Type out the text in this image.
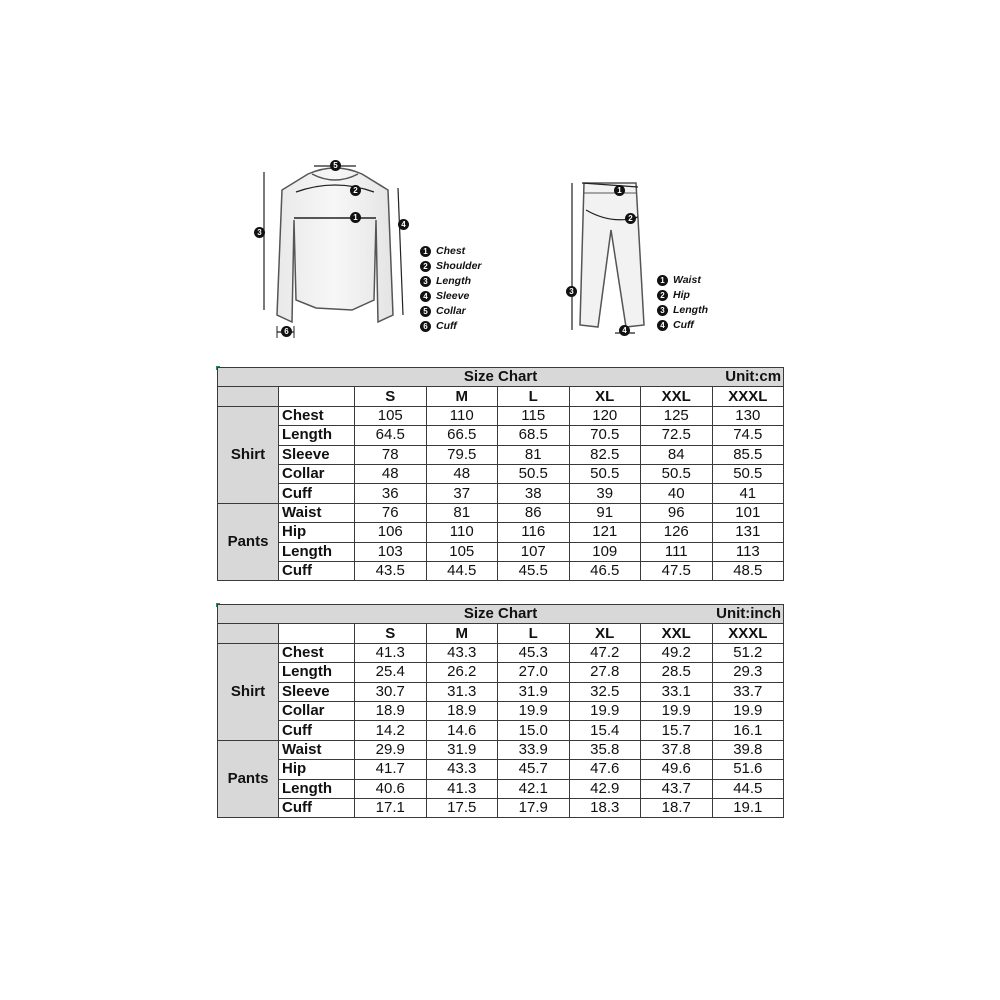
1
2
3
4
5
6
1 Chest
2 Shoulder
3 Length
4 Sleeve
5 Collar
6 Cuff
1
2
3
4
1 Waist
2 Hip
3 Length
4 Cuff
Size Chart Unit:cm							

		S	M	L	XL	XXL	XXXL
Shirt	Chest	105	110	115	120	125	130
	Length	64.5	66.5	68.5	70.5	72.5	74.5
	Sleeve	78	79.5	81	82.5	84	85.5
	Collar	48	48	50.5	50.5	50.5	50.5
	Cuff	36	37	38	39	40	41
Pants	Waist	76	81	86	91	96	101
	Hip	106	110	116	121	126	131
	Length	103	105	107	109	111	113
	Cuff	43.5	44.5	45.5	46.5	47.5	48.5
Size Chart Unit:inch							

		S	M	L	XL	XXL	XXXL
Shirt	Chest	41.3	43.3	45.3	47.2	49.2	51.2
	Length	25.4	26.2	27.0	27.8	28.5	29.3
	Sleeve	30.7	31.3	31.9	32.5	33.1	33.7
	Collar	18.9	18.9	19.9	19.9	19.9	19.9
	Cuff	14.2	14.6	15.0	15.4	15.7	16.1
Pants	Waist	29.9	31.9	33.9	35.8	37.8	39.8
	Hip	41.7	43.3	45.7	47.6	49.6	51.6
	Length	40.6	41.3	42.1	42.9	43.7	44.5
	Cuff	17.1	17.5	17.9	18.3	18.7	19.1
